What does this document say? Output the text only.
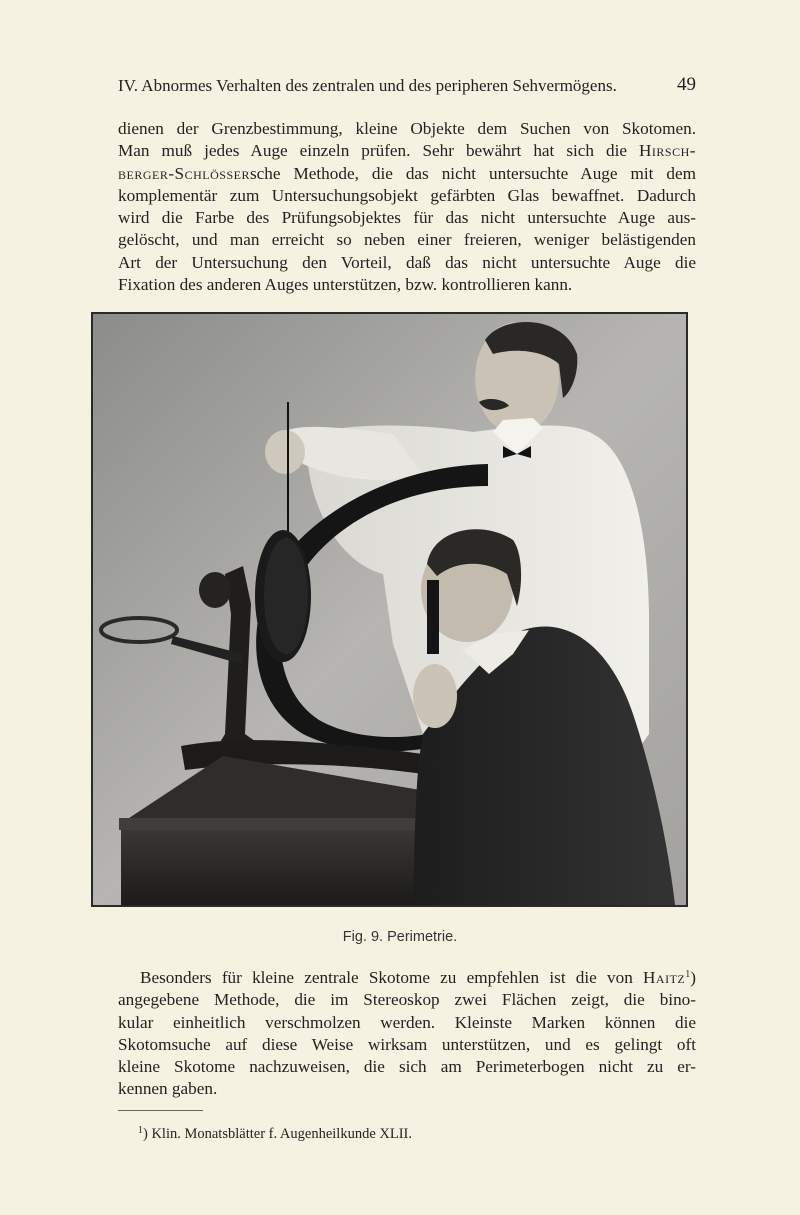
IV. Abnormes Verhalten des zentralen und des peripheren Sehvermögens.	49
dienen der Grenzbestimmung, kleine Objekte dem Suchen von Skotomen.
Man muß jedes Auge einzeln prüfen. Sehr bewährt hat sich die Hirsch-
berger-Schlössersche Methode, die das nicht untersuchte Auge mit dem
komplementär zum Untersuchungsobjekt gefärbten Glas bewaffnet. Dadurch
wird die Farbe des Prüfungsobjektes für das nicht untersuchte Auge aus-
gelöscht, und man erreicht so neben einer freieren, weniger belästigenden
Art der Untersuchung den Vorteil, daß das nicht untersuchte Auge die
Fixation des anderen Auges unterstützen, bzw. kontrollieren kann.
Fig. 9. Perimetrie.
Besonders für kleine zentrale Skotome zu empfehlen ist die von Haitz$^1$)
angegebene Methode, die im Stereoskop zwei Flächen zeigt, die bino-
kular einheitlich verschmolzen werden. Kleinste Marken können die
Skotomsuche auf diese Weise wirksam unterstützen, und es gelingt oft
kleine Skotome nachzuweisen, die sich am Perimeterbogen nicht zu er-
kennen gaben.
$^1$) Klin. Monatsblätter f. Augenheilkunde XLII.
